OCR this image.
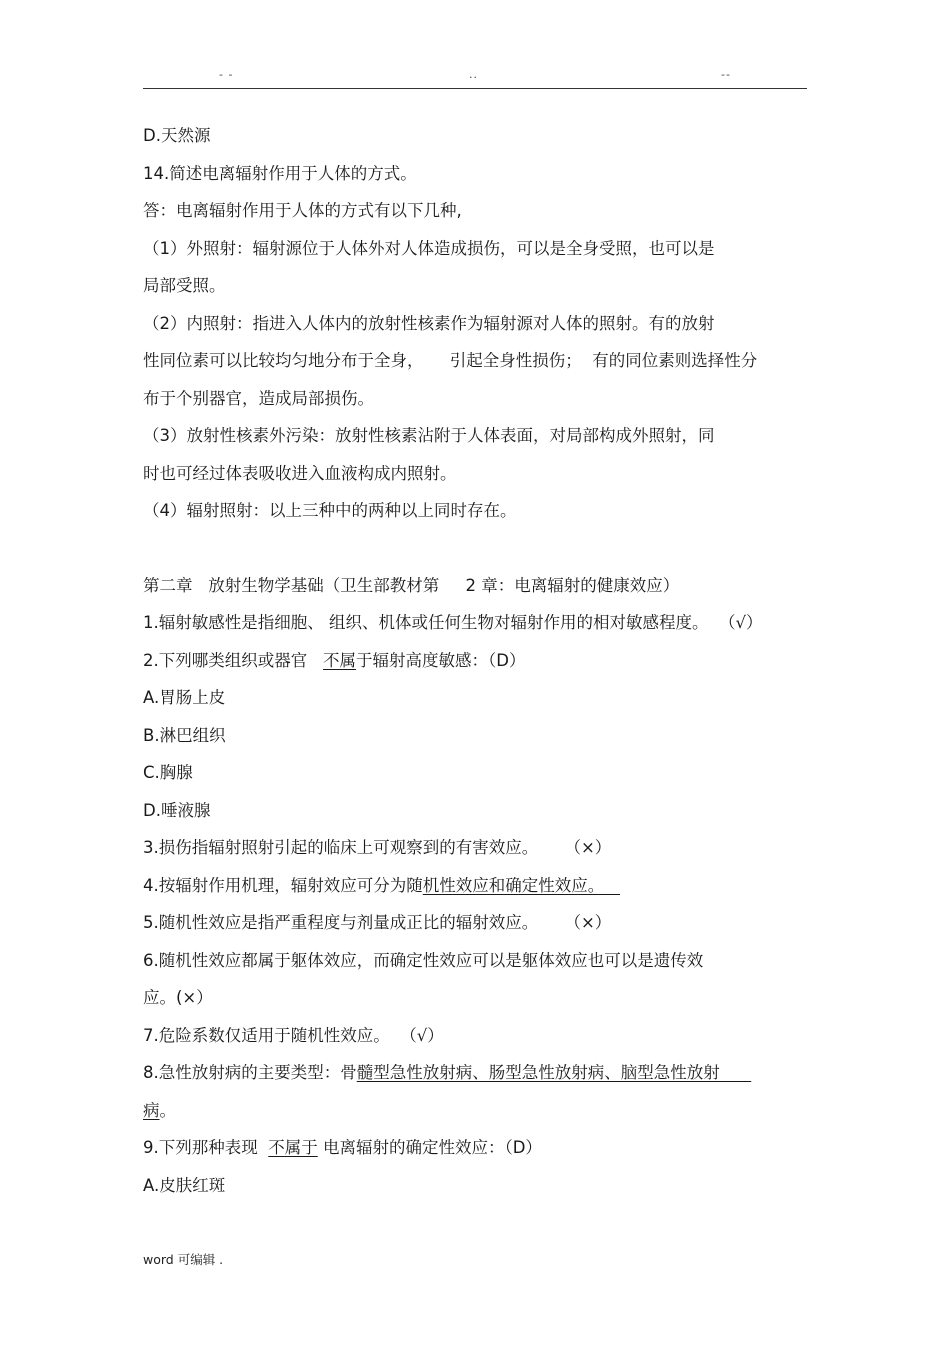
- -	..	--
D.天然源
14.简述电离辐射作用于人体的方式。
答：电离辐射作用于人体的方式有以下几种,
（1）外照射：辐射源位于人体外对人体造成损伤，可以是全身受照，也可以是
局部受照。
（2）内照射：指进入人体内的放射性核素作为辐射源对人体的照射。有的放射
性同位素可以比较均匀地分布于全身，     引起全身性损伤；  有的同位素则选择性分
布于个别器官，造成局部损伤。
（3）放射性核素外污染：放射性核素沾附于人体表面，对局部构成外照射，同
时也可经过体表吸收进入血液构成内照射。
（4）辐射照射：以上三种中的两种以上同时存在。
第二章   放射生物学基础（卫生部教材第     2 章：电离辐射的健康效应）
1.辐射敏感性是指细胞、 组织、机体或任何生物对辐射作用的相对敏感程度。  （√）
2.下列哪类组织或器官   不属于辐射高度敏感：（D）
A.胃肠上皮
B.淋巴组织
C.胸腺
D.唾液腺
3.损伤指辐射照射引起的临床上可观察到的有害效应。     （×）
4.按辐射作用机理，辐射效应可分为随机性效应和确定性效应。
5.随机性效应是指严重程度与剂量成正比的辐射效应。     （×）
6.随机性效应都属于躯体效应，而确定性效应可以是躯体效应也可以是遗传效
应。(×）
7.危险系数仅适用于随机性效应。  （√）
8.急性放射病的主要类型：骨髓型急性放射病、肠型急性放射病、脑型急性放射
病。
9.下列那种表现  不属于 电离辐射的确定性效应：（D）
A.皮肤红斑
word 可编辑 .
